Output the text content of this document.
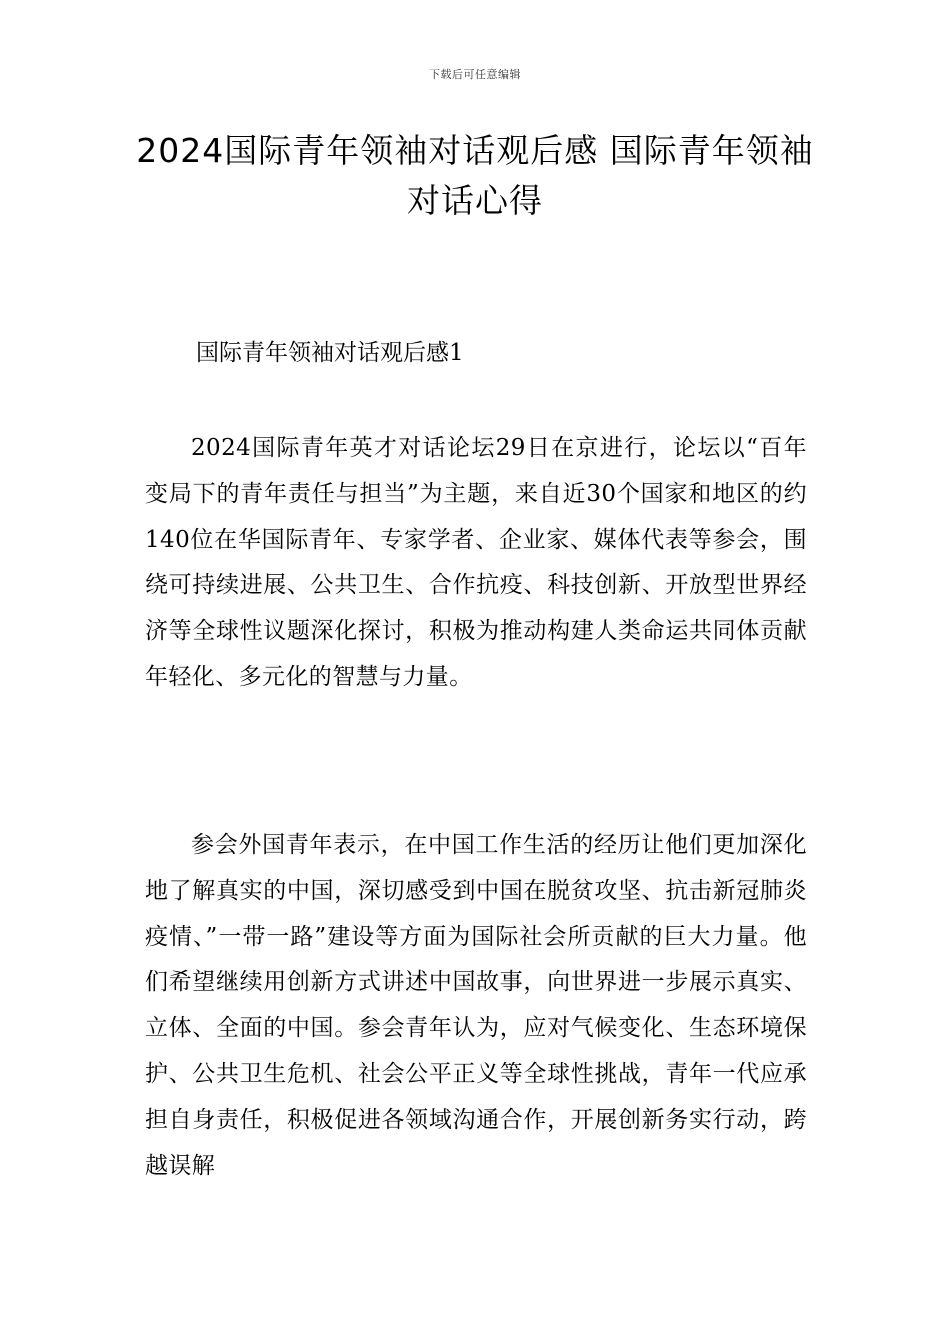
下载后可任意编辑
2024国际青年领袖对话观后感 国际青年领袖对话心得

国际青年领袖对话观后感1

2024国际青年英才对话论坛29日在京进行，论坛以“百年变局下的青年责任与担当”为主题，来自近30个国家和地区的约140位在华国际青年、专家学者、企业家、媒体代表等参会，围绕可持续进展、公共卫生、合作抗疫、科技创新、开放型世界经济等全球性议题深化探讨，积极为推动构建人类命运共同体贡献年轻化、多元化的智慧与力量。

参会外国青年表示，在中国工作生活的经历让他们更加深化地了解真实的中国，深切感受到中国在脱贫攻坚、抗击新冠肺炎疫情、”一带一路”建设等方面为国际社会所贡献的巨大力量。他们希望继续用创新方式讲述中国故事，向世界进一步展示真实、立体、全面的中国。参会青年认为，应对气候变化、生态环境保护、公共卫生危机、社会公平正义等全球性挑战，青年一代应承担自身责任，积极促进各领域沟通合作，开展创新务实行动，跨越误解
